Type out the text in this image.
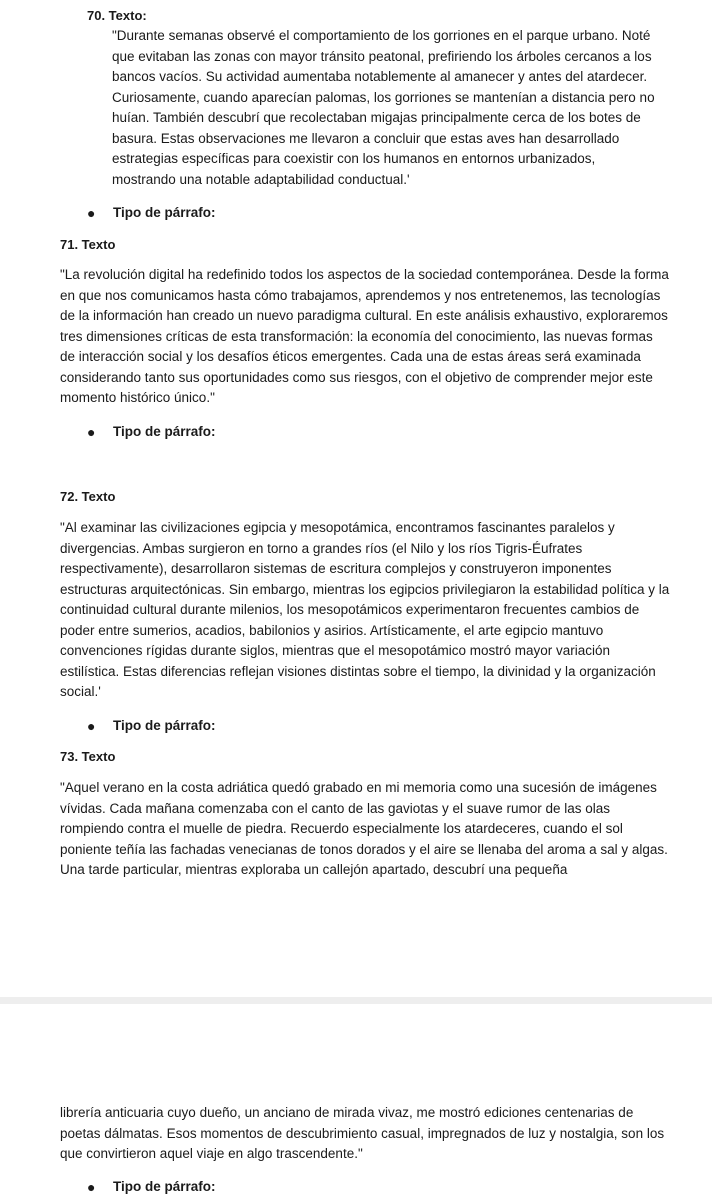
70. Texto:

"Durante semanas observé el comportamiento de los gorriones en el parque urbano. Noté que evitaban las zonas con mayor tránsito peatonal, prefiriendo los árboles cercanos a los bancos vacíos. Su actividad aumentaba notablemente al amanecer y antes del atardecer. Curiosamente, cuando aparecían palomas, los gorriones se mantenían a distancia pero no huían. También descubrí que recolectaban migajas principalmente cerca de los botes de basura. Estas observaciones me llevaron a concluir que estas aves han desarrollado estrategias específicas para coexistir con los humanos en entornos urbanizados, mostrando una notable adaptabilidad conductual.'

● Tipo de párrafo:

71. Texto

"La revolución digital ha redefinido todos los aspectos de la sociedad contemporánea. Desde la forma en que nos comunicamos hasta cómo trabajamos, aprendemos y nos entretenemos, las tecnologías de la información han creado un nuevo paradigma cultural. En este análisis exhaustivo, exploraremos tres dimensiones críticas de esta transformación: la economía del conocimiento, las nuevas formas de interacción social y los desafíos éticos emergentes. Cada una de estas áreas será examinada considerando tanto sus oportunidades como sus riesgos, con el objetivo de comprender mejor este momento histórico único."

● Tipo de párrafo:

72. Texto

"Al examinar las civilizaciones egipcia y mesopotámica, encontramos fascinantes paralelos y divergencias. Ambas surgieron en torno a grandes ríos (el Nilo y los ríos Tigris-Éufrates respectivamente), desarrollaron sistemas de escritura complejos y construyeron imponentes estructuras arquitectónicas. Sin embargo, mientras los egipcios privilegiaron la estabilidad política y la continuidad cultural durante milenios, los mesopotámicos experimentaron frecuentes cambios de poder entre sumerios, acadios, babilonios y asirios. Artísticamente, el arte egipcio mantuvo convenciones rígidas durante siglos, mientras que el mesopotámico mostró mayor variación estilística. Estas diferencias reflejan visiones distintas sobre el tiempo, la divinidad y la organización social.'

● Tipo de párrafo:

73. Texto

"Aquel verano en la costa adriática quedó grabado en mi memoria como una sucesión de imágenes vívidas. Cada mañana comenzaba con el canto de las gaviotas y el suave rumor de las olas rompiendo contra el muelle de piedra. Recuerdo especialmente los atardeceres, cuando el sol poniente teñía las fachadas venecianas de tonos dorados y el aire se llenaba del aroma a sal y algas. Una tarde particular, mientras exploraba un callejón apartado, descubrí una pequeña

librería anticuaria cuyo dueño, un anciano de mirada vivaz, me mostró ediciones centenarias de poetas dálmatas. Esos momentos de descubrimiento casual, impregnados de luz y nostalgia, son los que convirtieron aquel viaje en algo trascendente."

● Tipo de párrafo:
